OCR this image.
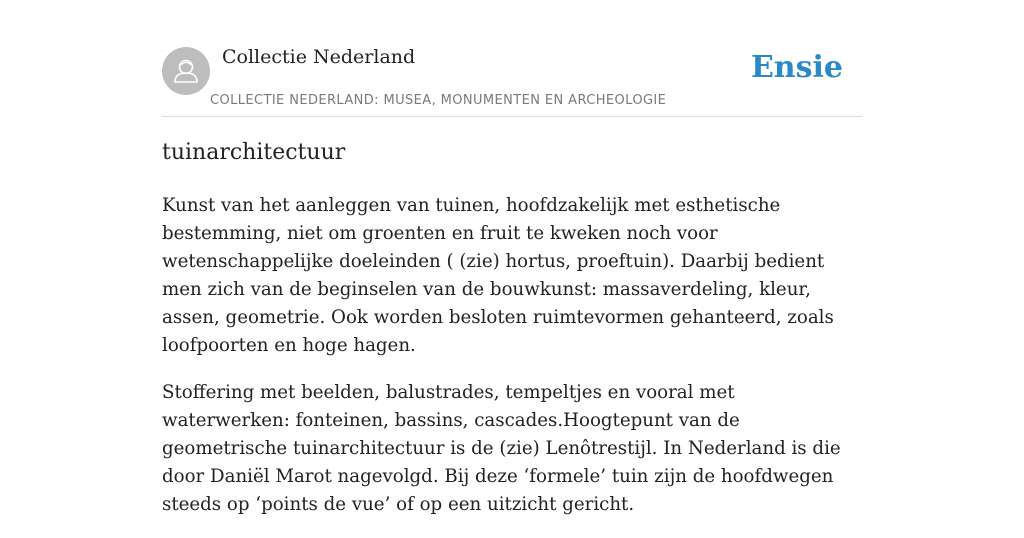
Collectie Nederland
COLLECTIE NEDERLAND: MUSEA, MONUMENTEN EN ARCHEOLOGIE
Ensie
tuinarchitectuur

Kunst van het aanleggen van tuinen, hoofdzakelijk met esthetische bestemming, niet om groenten en fruit te kweken noch voor wetenschappelijke doeleinden ( (zie) hortus, proeftuin). Daarbij bedient men zich van de beginselen van de bouwkunst: massaverdeling, kleur, assen, geometrie. Ook worden besloten ruimtevormen gehanteerd, zoals loofpoorten en hoge hagen.

Stoffering met beelden, balustrades, tempeltjes en vooral met waterwerken: fonteinen, bassins, cascades.Hoogtepunt van de geometrische tuinarchitectuur is de (zie) Lenôtrestijl. In Nederland is die door Daniël Marot nagevolgd. Bij deze ‘formele’ tuin zijn de hoofdwegen steeds op ‘points de vue’ of op een uitzicht gericht.
